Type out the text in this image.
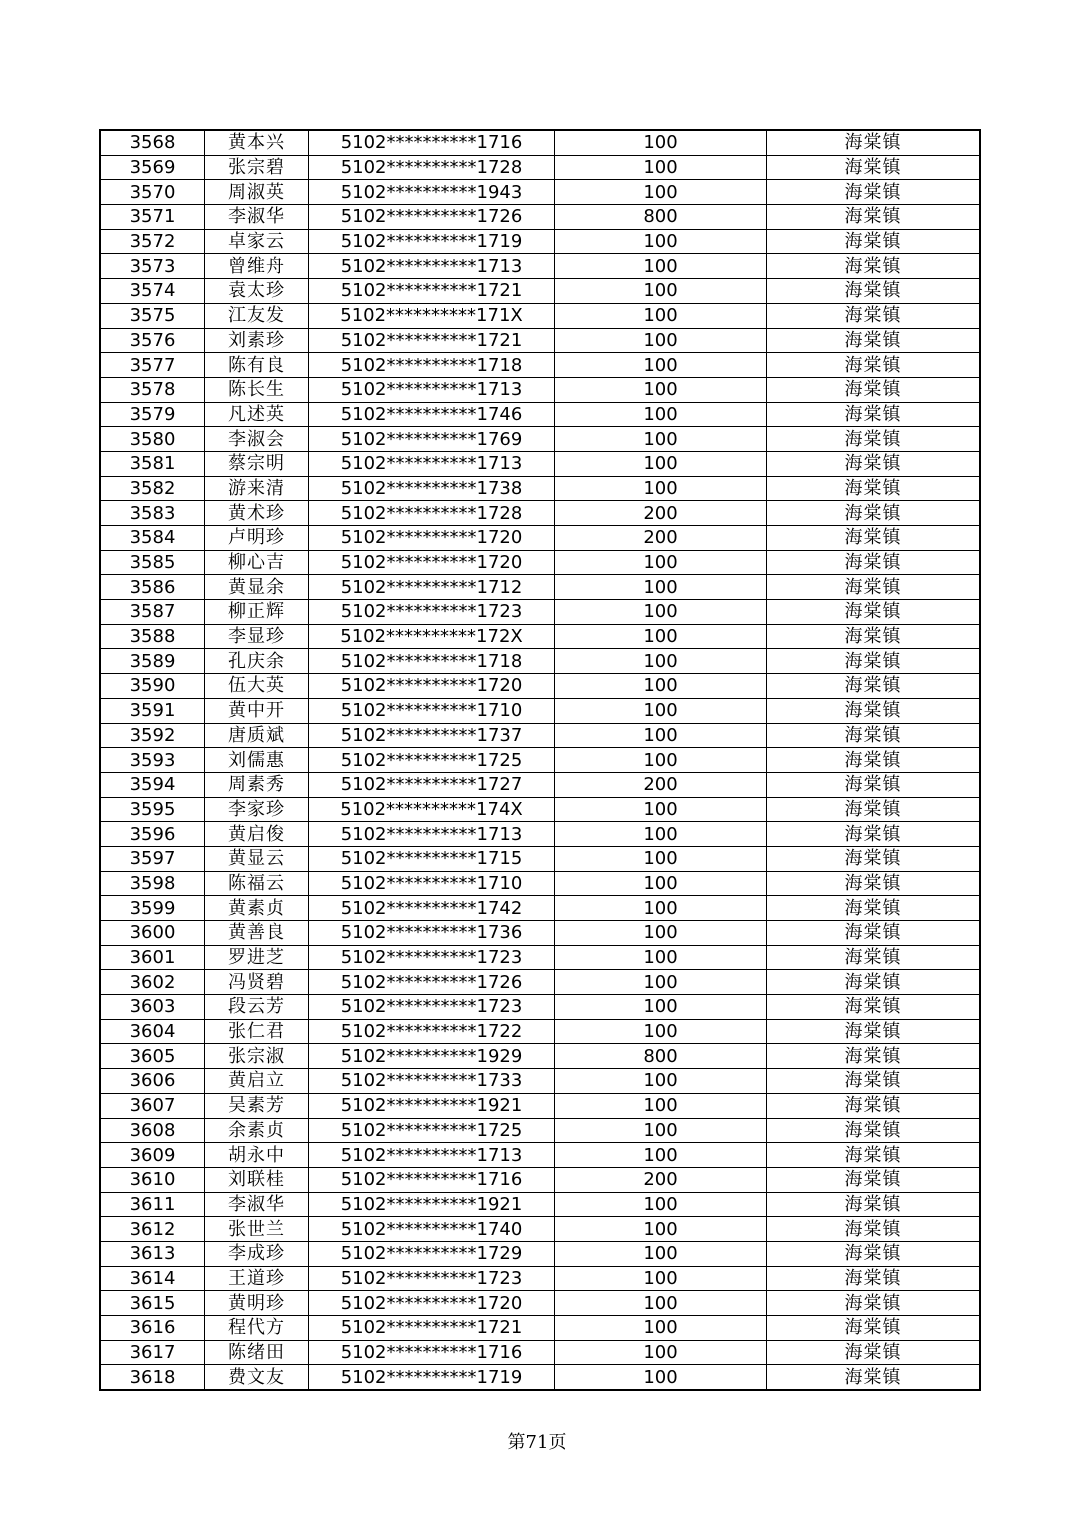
3568	黄本兴	5102**********1716	100	海棠镇
3569	张宗碧	5102**********1728	100	海棠镇
3570	周淑英	5102**********1943	100	海棠镇
3571	李淑华	5102**********1726	800	海棠镇
3572	卓家云	5102**********1719	100	海棠镇
3573	曾维舟	5102**********1713	100	海棠镇
3574	袁太珍	5102**********1721	100	海棠镇
3575	江友发	5102**********171X	100	海棠镇
3576	刘素珍	5102**********1721	100	海棠镇
3577	陈有良	5102**********1718	100	海棠镇
3578	陈长生	5102**********1713	100	海棠镇
3579	凡述英	5102**********1746	100	海棠镇
3580	李淑会	5102**********1769	100	海棠镇
3581	蔡宗明	5102**********1713	100	海棠镇
3582	游来清	5102**********1738	100	海棠镇
3583	黄术珍	5102**********1728	200	海棠镇
3584	卢明珍	5102**********1720	200	海棠镇
3585	柳心吉	5102**********1720	100	海棠镇
3586	黄显余	5102**********1712	100	海棠镇
3587	柳正辉	5102**********1723	100	海棠镇
3588	李显珍	5102**********172X	100	海棠镇
3589	孔庆余	5102**********1718	100	海棠镇
3590	伍大英	5102**********1720	100	海棠镇
3591	黄中开	5102**********1710	100	海棠镇
3592	唐质斌	5102**********1737	100	海棠镇
3593	刘儒惠	5102**********1725	100	海棠镇
3594	周素秀	5102**********1727	200	海棠镇
3595	李家珍	5102**********174X	100	海棠镇
3596	黄启俊	5102**********1713	100	海棠镇
3597	黄显云	5102**********1715	100	海棠镇
3598	陈福云	5102**********1710	100	海棠镇
3599	黄素贞	5102**********1742	100	海棠镇
3600	黄善良	5102**********1736	100	海棠镇
3601	罗进芝	5102**********1723	100	海棠镇
3602	冯贤碧	5102**********1726	100	海棠镇
3603	段云芳	5102**********1723	100	海棠镇
3604	张仁君	5102**********1722	100	海棠镇
3605	张宗淑	5102**********1929	800	海棠镇
3606	黄启立	5102**********1733	100	海棠镇
3607	吴素芳	5102**********1921	100	海棠镇
3608	余素贞	5102**********1725	100	海棠镇
3609	胡永中	5102**********1713	100	海棠镇
3610	刘联桂	5102**********1716	200	海棠镇
3611	李淑华	5102**********1921	100	海棠镇
3612	张世兰	5102**********1740	100	海棠镇
3613	李成珍	5102**********1729	100	海棠镇
3614	王道珍	5102**********1723	100	海棠镇
3615	黄明珍	5102**********1720	100	海棠镇
3616	程代方	5102**********1721	100	海棠镇
3617	陈绪田	5102**********1716	100	海棠镇
3618	费文友	5102**********1719	100	海棠镇
第71页
